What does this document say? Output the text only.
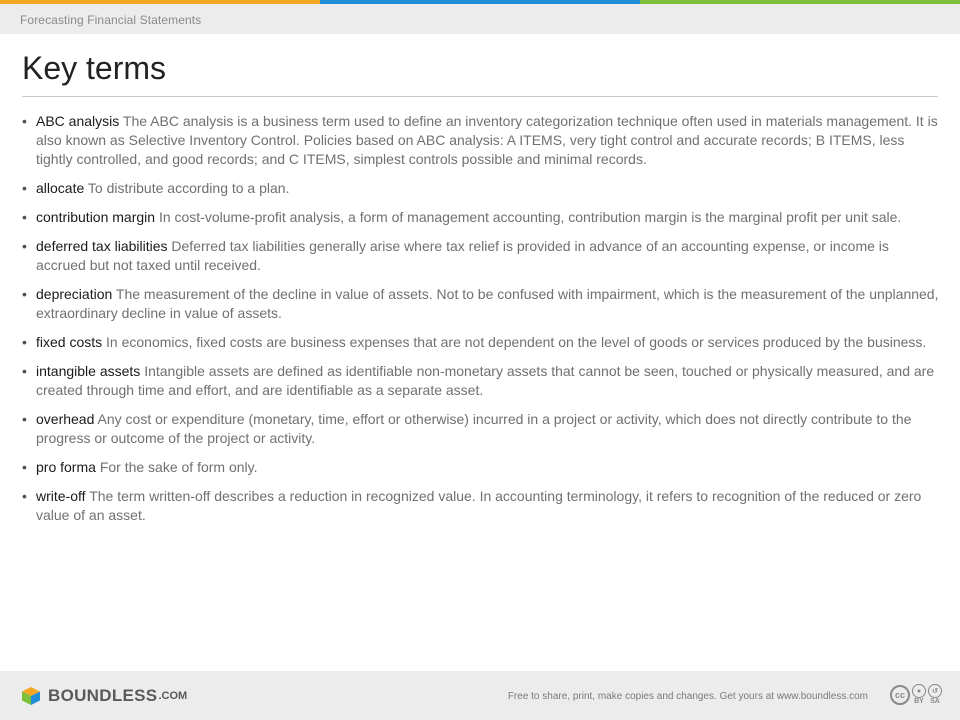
Forecasting Financial Statements
Key terms
• ABC analysis The ABC analysis is a business term used to define an inventory categorization technique often used in materials management. It is also known as Selective Inventory Control. Policies based on ABC analysis: A ITEMS, very tight control and accurate records; B ITEMS, less tightly controlled, and good records; and C ITEMS, simplest controls possible and minimal records.
• allocate To distribute according to a plan.
• contribution margin In cost-volume-profit analysis, a form of management accounting, contribution margin is the marginal profit per unit sale.
• deferred tax liabilities Deferred tax liabilities generally arise where tax relief is provided in advance of an accounting expense, or income is accrued but not taxed until received.
• depreciation The measurement of the decline in value of assets. Not to be confused with impairment, which is the measurement of the unplanned, extraordinary decline in value of assets.
• fixed costs In economics, fixed costs are business expenses that are not dependent on the level of goods or services produced by the business.
• intangible assets Intangible assets are defined as identifiable non-monetary assets that cannot be seen, touched or physically measured, and are created through time and effort, and are identifiable as a separate asset.
• overhead Any cost or expenditure (monetary, time, effort or otherwise) incurred in a project or activity, which does not directly contribute to the progress or outcome of the project or activity.
• pro forma For the sake of form only.
• write-off The term written-off describes a reduction in recognized value. In accounting terminology, it refers to recognition of the reduced or zero value of an asset.
BOUNDLESS .COM	Free to share, print, make copies and changes. Get yours at www.boundless.com	cc	●
BY
↺
SA
